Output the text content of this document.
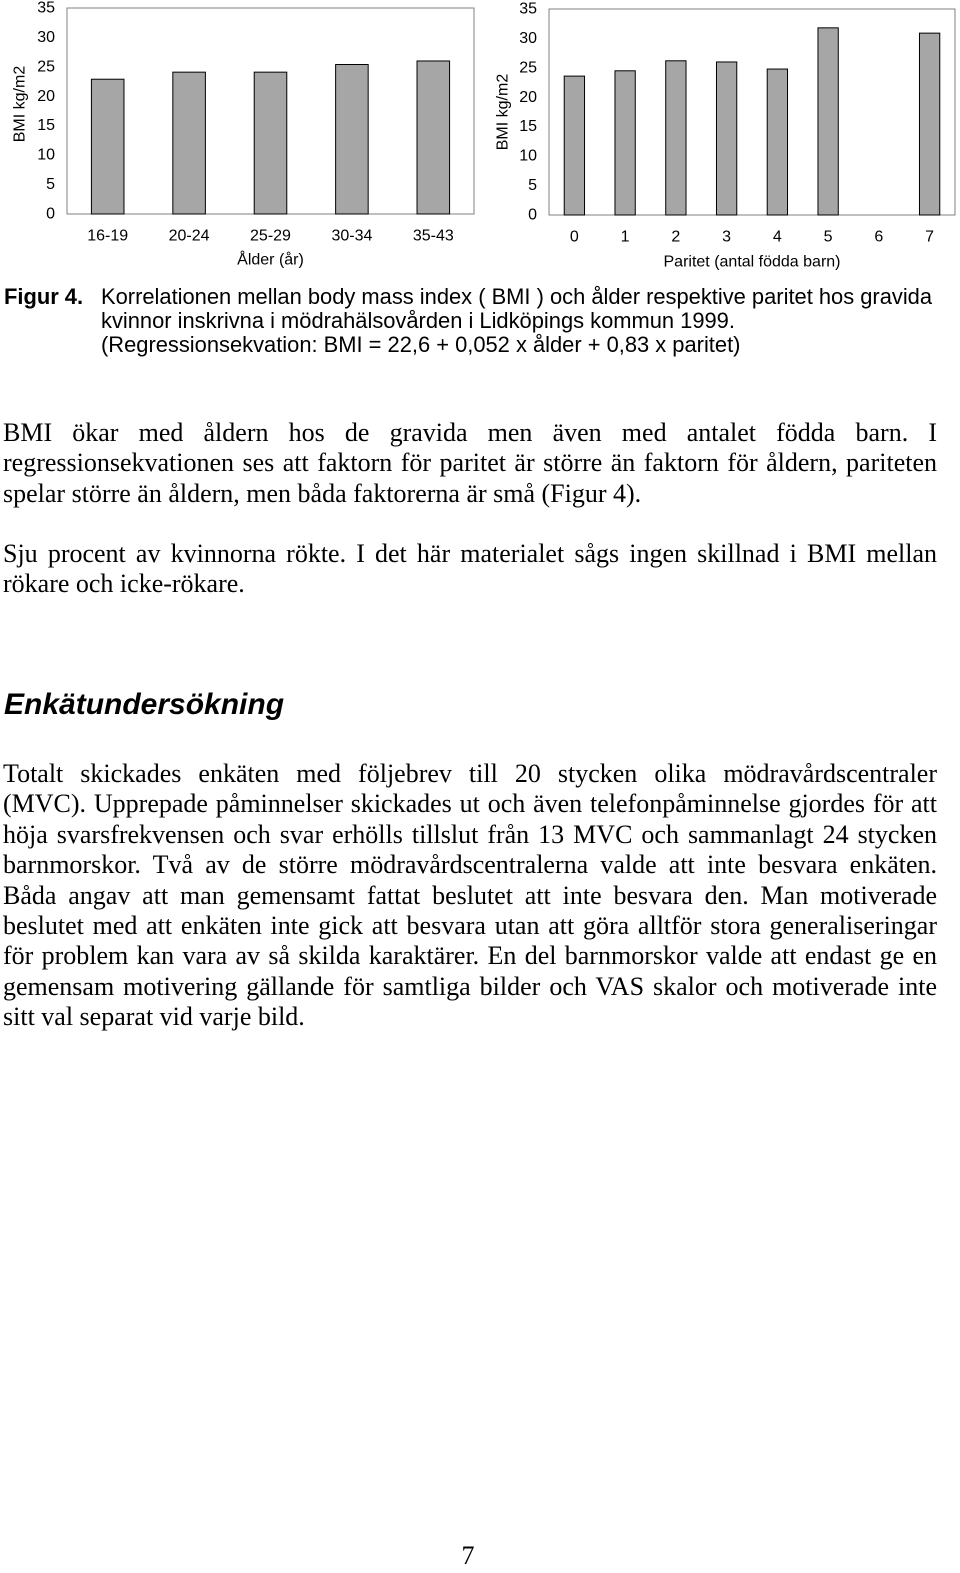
16-19	20-24	25-29	30-34	35-43
0
5
10
15
20
25
30
35
BMI kg/m2
Ålder (år)
0	1	2	3	4	5	6	7
0
5
10
15
20
25
30
35
BMI kg/m2
Paritet (antal födda barn)
Figur 4. Korrelationen mellan body mass index ( BMI ) och ålder respektive paritet hos gravida
kvinnor inskrivna i mödrahälsovården i Lidköpings kommun 1999.
(Regressionsekvation: BMI = 22,6 + 0,052 x ålder + 0,83 x paritet)
BMI ökar med åldern hos de gravida men även med antalet födda barn. I
regressionsekvationen ses att faktorn för paritet är större än faktorn för åldern, pariteten
spelar större än åldern, men båda faktorerna är små (Figur 4).
Sju procent av kvinnorna rökte. I det här materialet sågs ingen skillnad i BMI mellan
rökare och icke-rökare.
Enkätundersökning
Totalt skickades enkäten med följebrev till 20 stycken olika mödravårdscentraler
(MVC). Upprepade påminnelser skickades ut och även telefonpåminnelse gjordes för att
höja svarsfrekvensen och svar erhölls tillslut från 13 MVC och sammanlagt 24 stycken
barnmorskor. Två av de större mödravårdscentralerna valde att inte besvara enkäten.
Båda angav att man gemensamt fattat beslutet att inte besvara den. Man motiverade
beslutet med att enkäten inte gick att besvara utan att göra alltför stora generaliseringar
för problem kan vara av så skilda karaktärer. En del barnmorskor valde att endast ge en
gemensam motivering gällande för samtliga bilder och VAS skalor och motiverade inte
sitt val separat vid varje bild.
7
